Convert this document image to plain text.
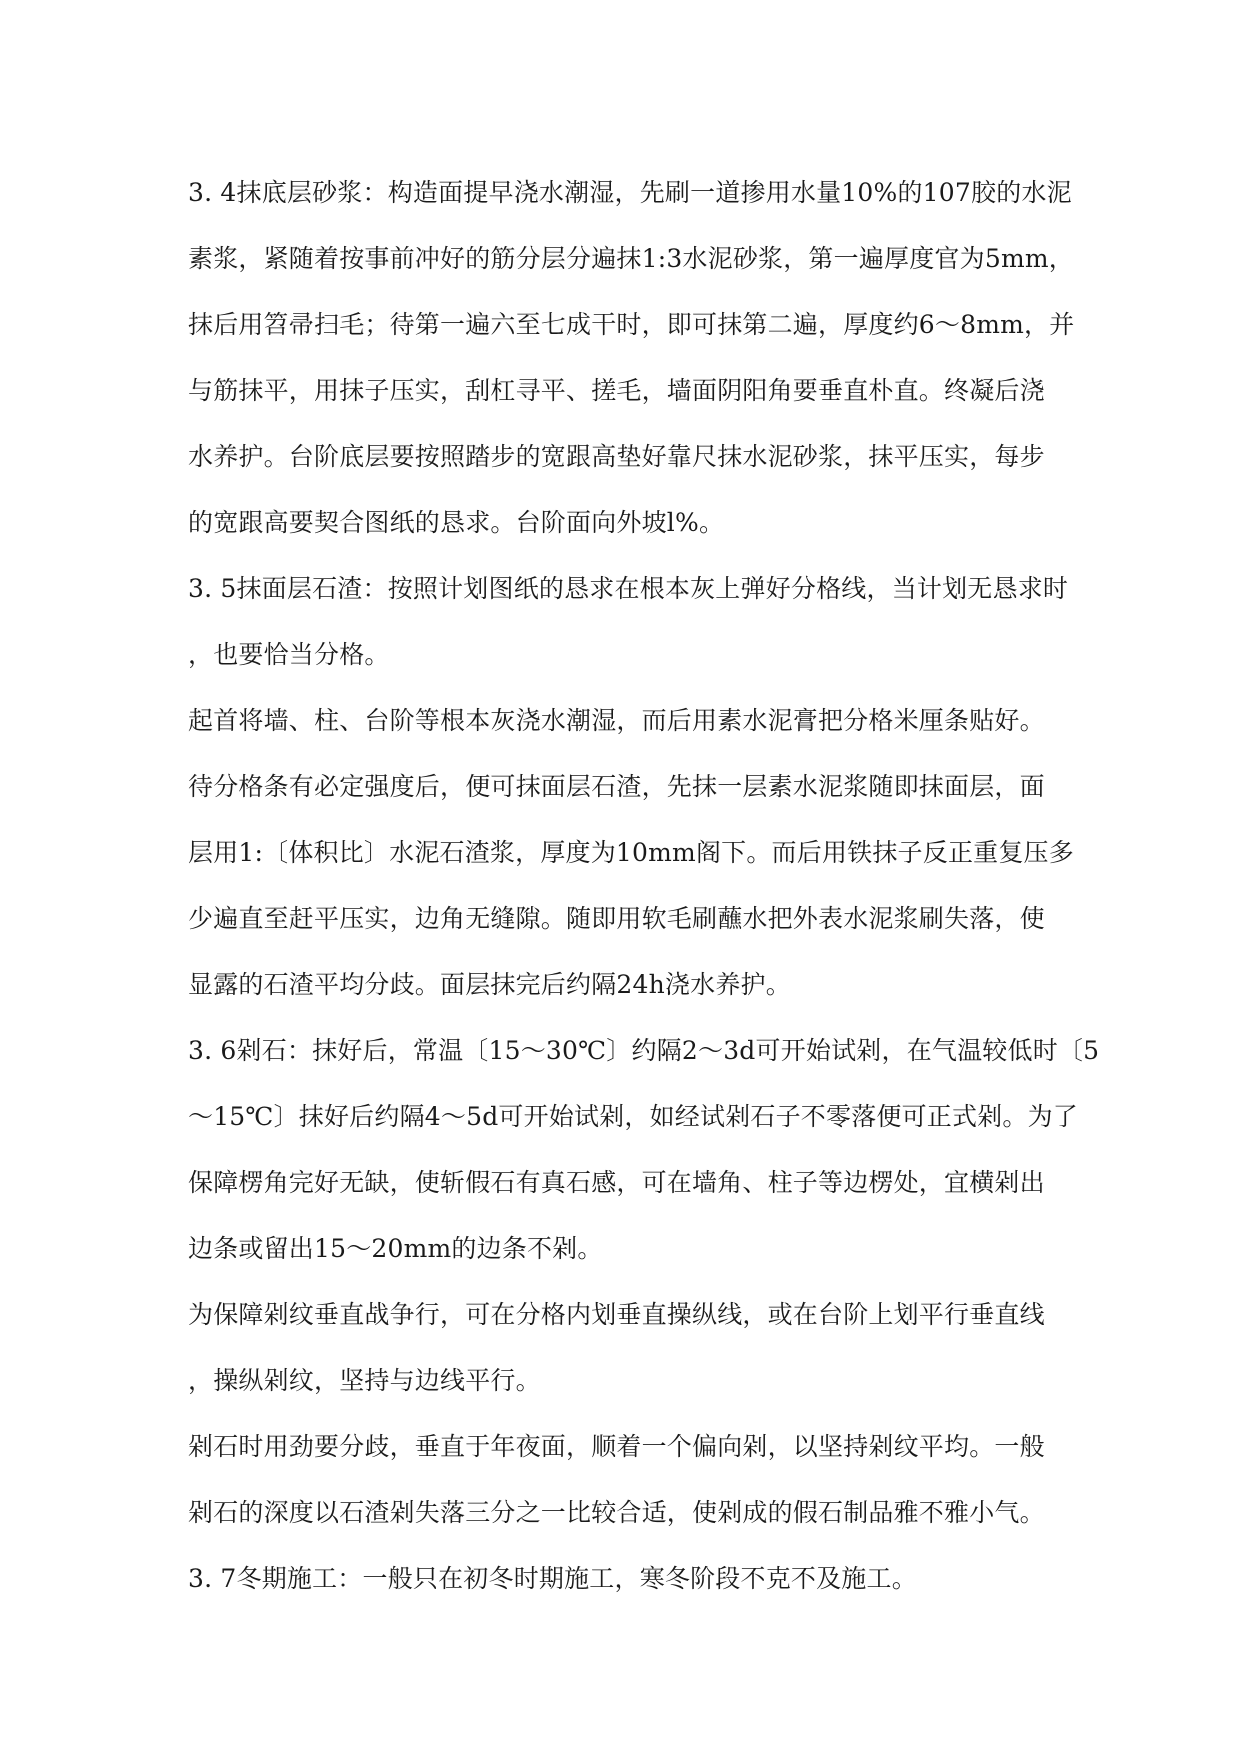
3. 4抹底层砂浆：构造面提早浇水潮湿，先刷一道掺用水量10%的107胶的水泥
素浆，紧随着按事前冲好的筋分层分遍抹1:3水泥砂浆，第一遍厚度官为5mm，
抹后用笤帚扫毛；待第一遍六至七成干时，即可抹第二遍，厚度约6～8mm，并
与筋抹平，用抹子压实，刮杠寻平、搓毛，墙面阴阳角要垂直朴直。终凝后浇
水养护。台阶底层要按照踏步的宽跟高垫好靠尺抹水泥砂浆，抹平压实，每步
的宽跟高要契合图纸的恳求。台阶面向外坡l%。
3. 5抹面层石渣：按照计划图纸的恳求在根本灰上弹好分格线，当计划无恳求时
，也要恰当分格。
起首将墙、柱、台阶等根本灰浇水潮湿，而后用素水泥膏把分格米厘条贴好。
待分格条有必定强度后，便可抹面层石渣，先抹一层素水泥浆随即抹面层，面
层用1:〔体积比〕水泥石渣浆，厚度为10mm阁下。而后用铁抹子反正重复压多
少遍直至赶平压实，边角无缝隙。随即用软毛刷蘸水把外表水泥浆刷失落，使
显露的石渣平均分歧。面层抹完后约隔24h浇水养护。
3. 6剁石：抹好后，常温〔15～30℃〕约隔2～3d可开始试剁，在气温较低时〔5
～15℃〕抹好后约隔4～5d可开始试剁，如经试剁石子不零落便可正式剁。为了
保障楞角完好无缺，使斩假石有真石感，可在墙角、柱子等边楞处，宜横剁出
边条或留出15～20mm的边条不剁。
为保障剁纹垂直战争行，可在分格内划垂直操纵线，或在台阶上划平行垂直线
，操纵剁纹，坚持与边线平行。
剁石时用劲要分歧，垂直于年夜面，顺着一个偏向剁，以坚持剁纹平均。一般
剁石的深度以石渣剁失落三分之一比较合适，使剁成的假石制品雅不雅小气。
3. 7冬期施工：一般只在初冬时期施工，寒冬阶段不克不及施工。
